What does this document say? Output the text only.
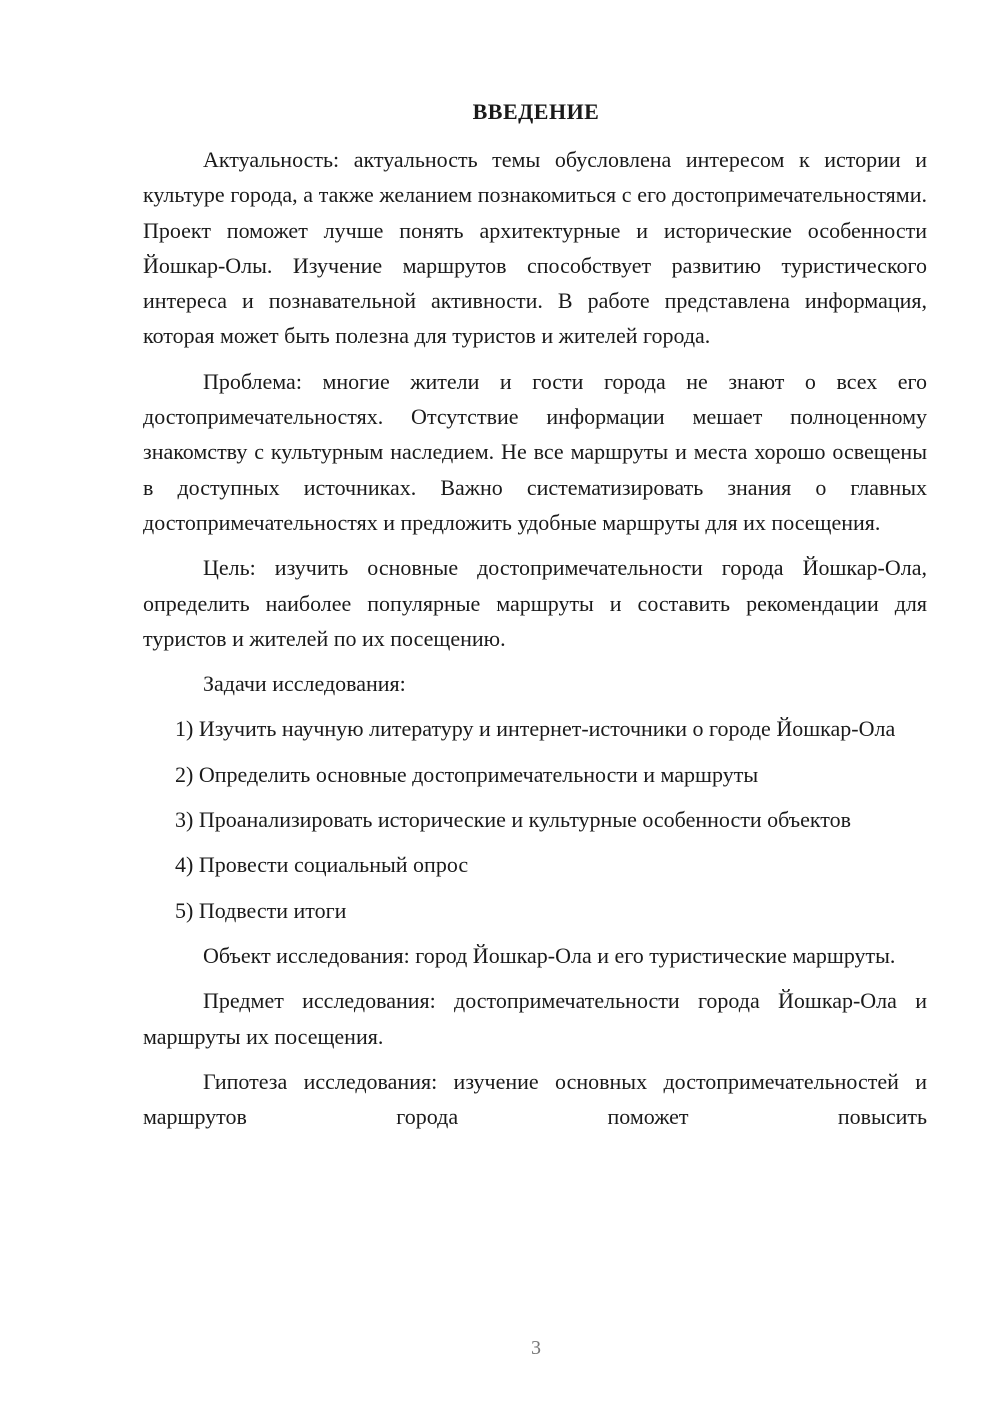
ВВЕДЕНИЕ

Актуальность: актуальность темы обусловлена интересом к истории и культуре города, а также желанием познакомиться с его достопримечательностями. Проект поможет лучше понять архитектурные и исторические особенности Йошкар-Олы. Изучение маршрутов способствует развитию туристического интереса и познавательной активности. В работе представлена информация, которая может быть полезна для туристов и жителей города.

Проблема: многие жители и гости города не знают о всех его достопримечательностях. Отсутствие информации мешает полноценному знакомству с культурным наследием. Не все маршруты и места хорошо освещены в доступных источниках. Важно систематизировать знания о главных достопримечательностях и предложить удобные маршруты для их посещения.

Цель: изучить основные достопримечательности города Йошкар-Ола, определить наиболее популярные маршруты и составить рекомендации для туристов и жителей по их посещению.

Задачи исследования:

1) Изучить научную литературу и интернет-источники о городе Йошкар-Ола

2) Определить основные достопримечательности и маршруты

3) Проанализировать исторические и культурные особенности объектов

4) Провести социальный опрос

5) Подвести итоги

Объект исследования: город Йошкар-Ола и его туристические маршруты.

Предмет исследования: достопримечательности города Йошкар-Ола и маршруты их посещения.

Гипотеза исследования: изучение основных достопримечательностей и маршрутов города поможет повысить

3
